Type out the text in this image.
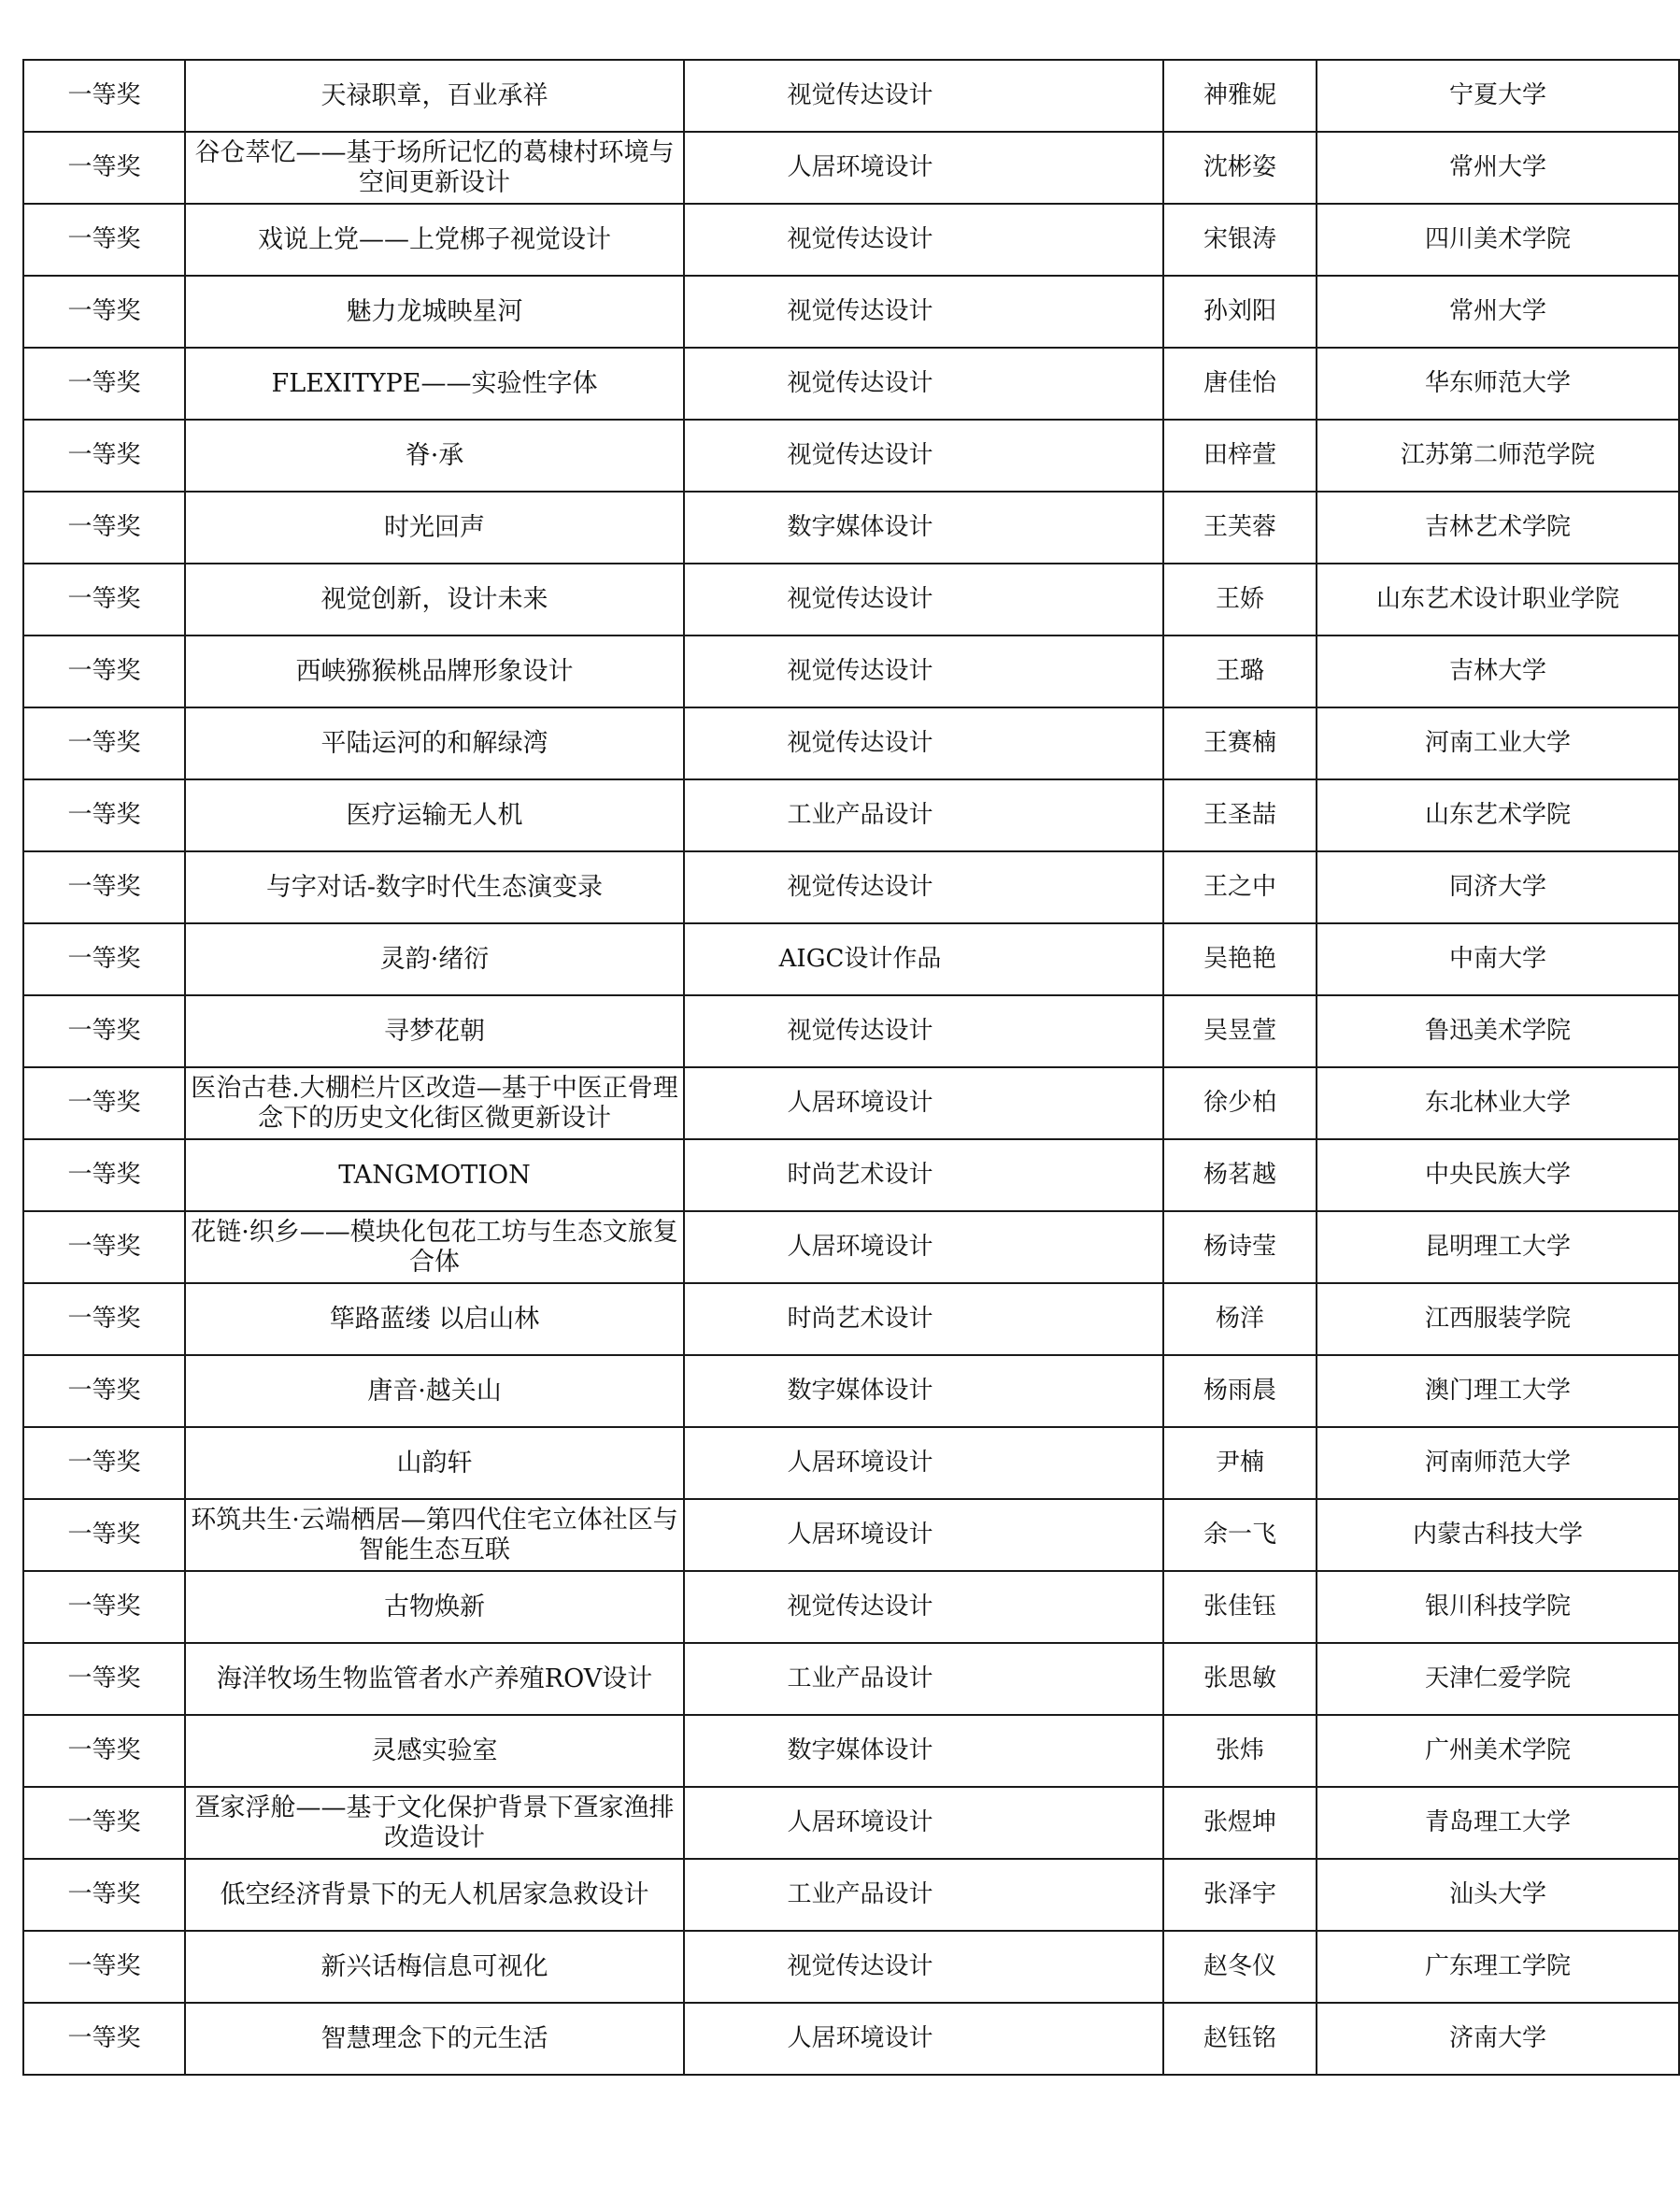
一等奖	天禄职章，百业承祥	视觉传达设计	神雅妮	宁夏大学
一等奖	谷仓萃忆——基于场所记忆的葛棣村环境与空间更新设计	人居环境设计	沈彬姿	常州大学
一等奖	戏说上党——上党梆子视觉设计	视觉传达设计	宋银涛	四川美术学院
一等奖	魅力龙城映星河	视觉传达设计	孙刘阳	常州大学
一等奖	FLEXITYPE——实验性字体	视觉传达设计	唐佳怡	华东师范大学
一等奖	脊·承	视觉传达设计	田梓萱	江苏第二师范学院
一等奖	时光回声	数字媒体设计	王芙蓉	吉林艺术学院
一等奖	视觉创新，设计未来	视觉传达设计	王娇	山东艺术设计职业学院
一等奖	西峡猕猴桃品牌形象设计	视觉传达设计	王璐	吉林大学
一等奖	平陆运河的和解绿湾	视觉传达设计	王赛楠	河南工业大学
一等奖	医疗运输无人机	工业产品设计	王圣喆	山东艺术学院
一等奖	与字对话-数字时代生态演变录	视觉传达设计	王之中	同济大学
一等奖	灵韵·绪衍	AIGC设计作品	吴艳艳	中南大学
一等奖	寻梦花朝	视觉传达设计	吴昱萱	鲁迅美术学院
一等奖	医治古巷.大棚栏片区改造—基于中医正骨理念下的历史文化街区微更新设计	人居环境设计	徐少柏	东北林业大学
一等奖	TANGMOTION	时尚艺术设计	杨茗越	中央民族大学
一等奖	花链·织乡——模块化包花工坊与生态文旅复合体	人居环境设计	杨诗莹	昆明理工大学
一等奖	筚路蓝缕 以启山林	时尚艺术设计	杨洋	江西服装学院
一等奖	唐音·越关山	数字媒体设计	杨雨晨	澳门理工大学
一等奖	山韵轩	人居环境设计	尹楠	河南师范大学
一等奖	环筑共生·云端栖居—第四代住宅立体社区与智能生态互联	人居环境设计	余一飞	内蒙古科技大学
一等奖	古物焕新	视觉传达设计	张佳钰	银川科技学院
一等奖	海洋牧场生物监管者水产养殖ROV设计	工业产品设计	张思敏	天津仁爱学院
一等奖	灵感实验室	数字媒体设计	张炜	广州美术学院
一等奖	疍家浮舱——基于文化保护背景下疍家渔排改造设计	人居环境设计	张煜坤	青岛理工大学
一等奖	低空经济背景下的无人机居家急救设计	工业产品设计	张泽宇	汕头大学
一等奖	新兴话梅信息可视化	视觉传达设计	赵冬仪	广东理工学院
一等奖	智慧理念下的元生活	人居环境设计	赵钰铭	济南大学
